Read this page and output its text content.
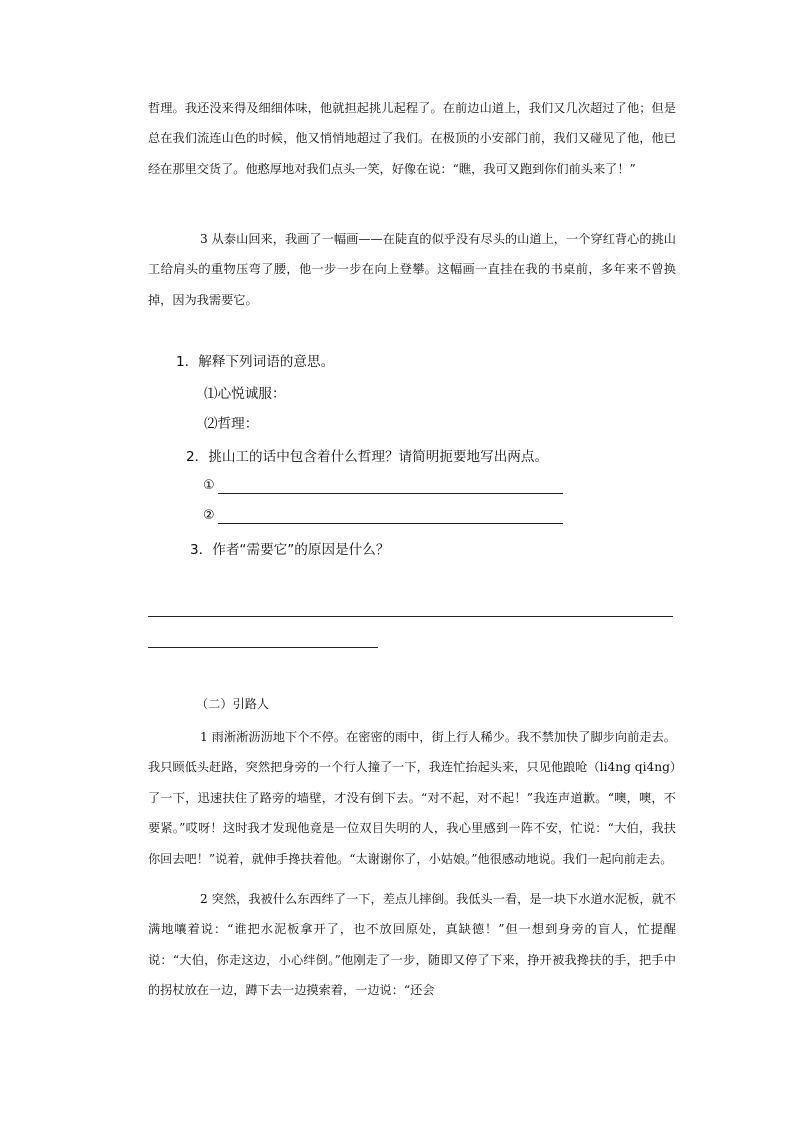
哲理。我还没来得及细细体味，他就担起挑儿起程了。在前边山道上，我们又几次超过了他；但是总在我们流连山色的时候，他又悄悄地超过了我们。在极顶的小安部门前，我们又碰见了他，他已经在那里交货了。他憨厚地对我们点头一笑，好像在说：“瞧，我可又跑到你们前头来了！”

3 从泰山回来，我画了一幅画——在陡直的似乎没有尽头的山道上，一个穿红背心的挑山工给肩头的重物压弯了腰，他一步一步在向上登攀。这幅画一直挂在我的书桌前，多年来不曾换掉，因为我需要它。

1．解释下列词语的意思。

⑴心悦诚服：

⑵哲理：

2．挑山工的话中包含着什么哲理？请简明扼要地写出两点。

①
②

3．作者“需要它”的原因是什么？

（二）引路人

1 雨淅淅沥沥地下个不停。在密密的雨中，街上行人稀少。我不禁加快了脚步向前走去。我只顾低头赶路，突然把身旁的一个行人撞了一下，我连忙抬起头来，只见他踉呛（li4ng qi4ng）了一下，迅速扶住了路旁的墙壁，才没有倒下去。“对不起，对不起！”我连声道歉。“噢，噢，不要紧。”哎呀！这时我才发现他竟是一位双目失明的人，我心里感到一阵不安，忙说：“大伯，我扶你回去吧！”说着，就伸手搀扶着他。“太谢谢你了，小姑娘。”他很感动地说。我们一起向前走去。

2 突然，我被什么东西绊了一下，差点儿摔倒。我低头一看，是一块下水道水泥板，就不满地嚷着说：“谁把水泥板拿开了，也不放回原处，真缺德！”但一想到身旁的盲人，忙提醒说：“大伯，你走这边，小心绊倒。”他刚走了一步，随即又停了下来，挣开被我搀扶的手，把手中的拐杖放在一边，蹲下去一边摸索着，一边说：“还会
